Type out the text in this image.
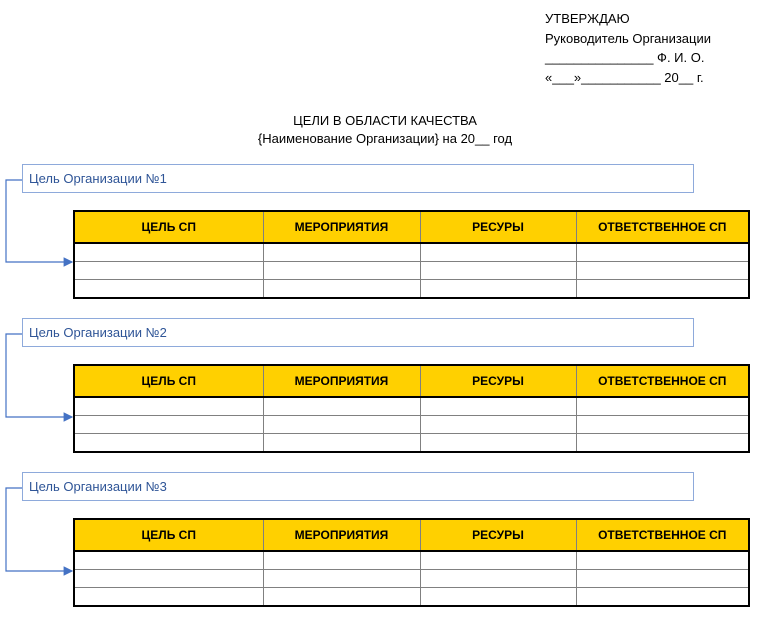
УТВЕРЖДАЮ
Руководитель Организации
_______________ Ф. И. О.
«___»___________ 20__ г.
ЦЕЛИ В ОБЛАСТИ КАЧЕСТВА
{Наименование Организации} на 20__ год
Цель Организации №1
ЦЕЛЬ СП	МЕРОПРИЯТИЯ	РЕСУРЫ	ОТВЕТСТВЕННОЕ СП

Цель Организации №2
ЦЕЛЬ СП	МЕРОПРИЯТИЯ	РЕСУРЫ	ОТВЕТСТВЕННОЕ СП

Цель Организации №3
ЦЕЛЬ СП	МЕРОПРИЯТИЯ	РЕСУРЫ	ОТВЕТСТВЕННОЕ СП
